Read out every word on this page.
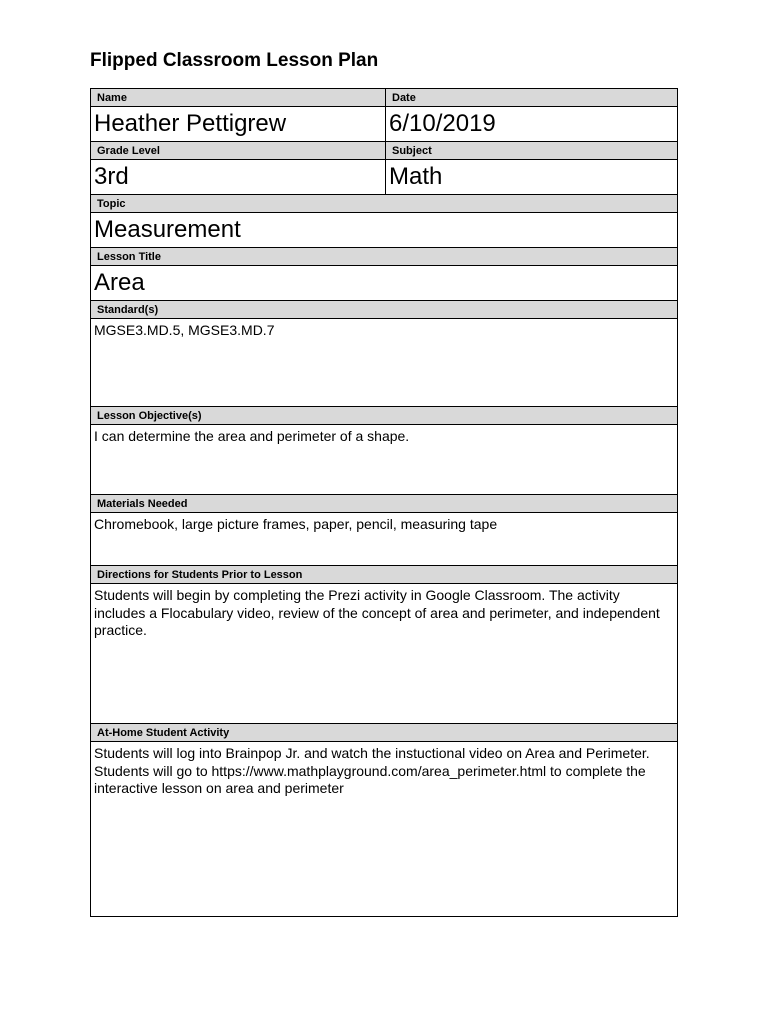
Flipped Classroom Lesson Plan
Name	Date
Heather Pettigrew	6/10/2019
Grade Level	Subject
3rd	Math
Topic
Measurement
Lesson Title
Area
Standard(s)
MGSE3.MD.5, MGSE3.MD.7
Lesson Objective(s)
I can determine the area and perimeter of a shape.
Materials Needed
Chromebook, large picture frames, paper, pencil, measuring tape
Directions for Students Prior to Lesson
Students will begin by completing the Prezi activity in Google Classroom. The activity includes a Flocabulary video, review of the concept of area and perimeter, and independent practice.
At-Home Student Activity
Students will log into Brainpop Jr. and watch the instuctional video on Area and Perimeter.
Students will go to https://www.mathplayground.com/area_perimeter.html to complete the interactive lesson on area and perimeter
